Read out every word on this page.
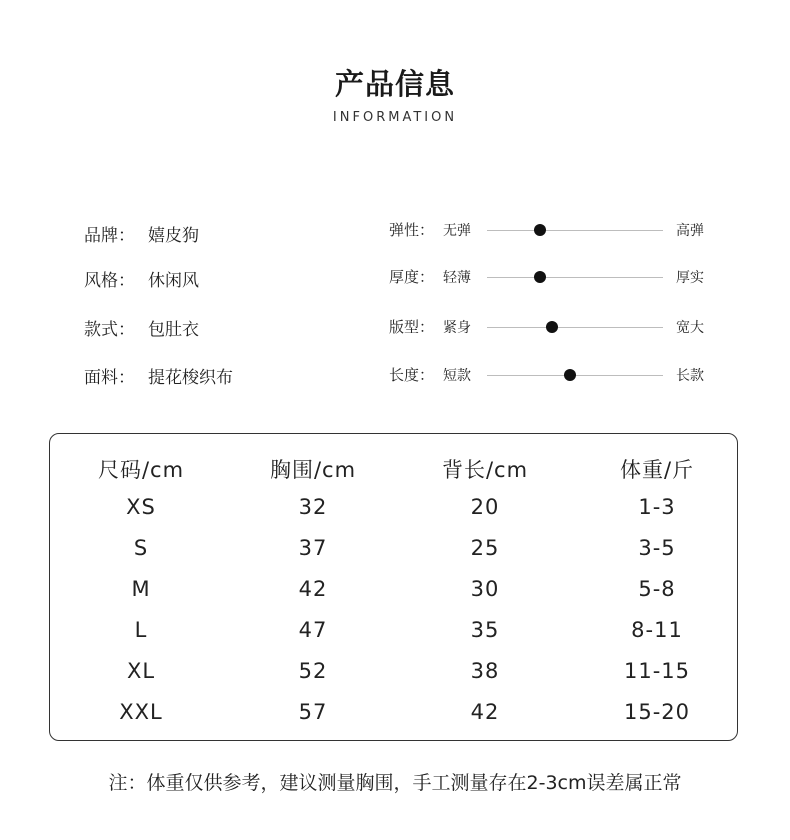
产品信息
INFORMATION
品牌： 嬉皮狗
风格： 休闲风
款式： 包肚衣
面料： 提花梭织布
弹性： 无弹	高弹
厚度： 轻薄	厚实
版型： 紧身	宽大
长度： 短款	长款
尺码/cm	胸围/cm	背长/cm	体重/斤
XS	32	20	1-3
S	37	25	3-5
M	42	30	5-8
L	47	35	8-11
XL	52	38	11-15
XXL	57	42	15-20
注：体重仅供参考，建议测量胸围，手工测量存在2-3cm误差属正常
